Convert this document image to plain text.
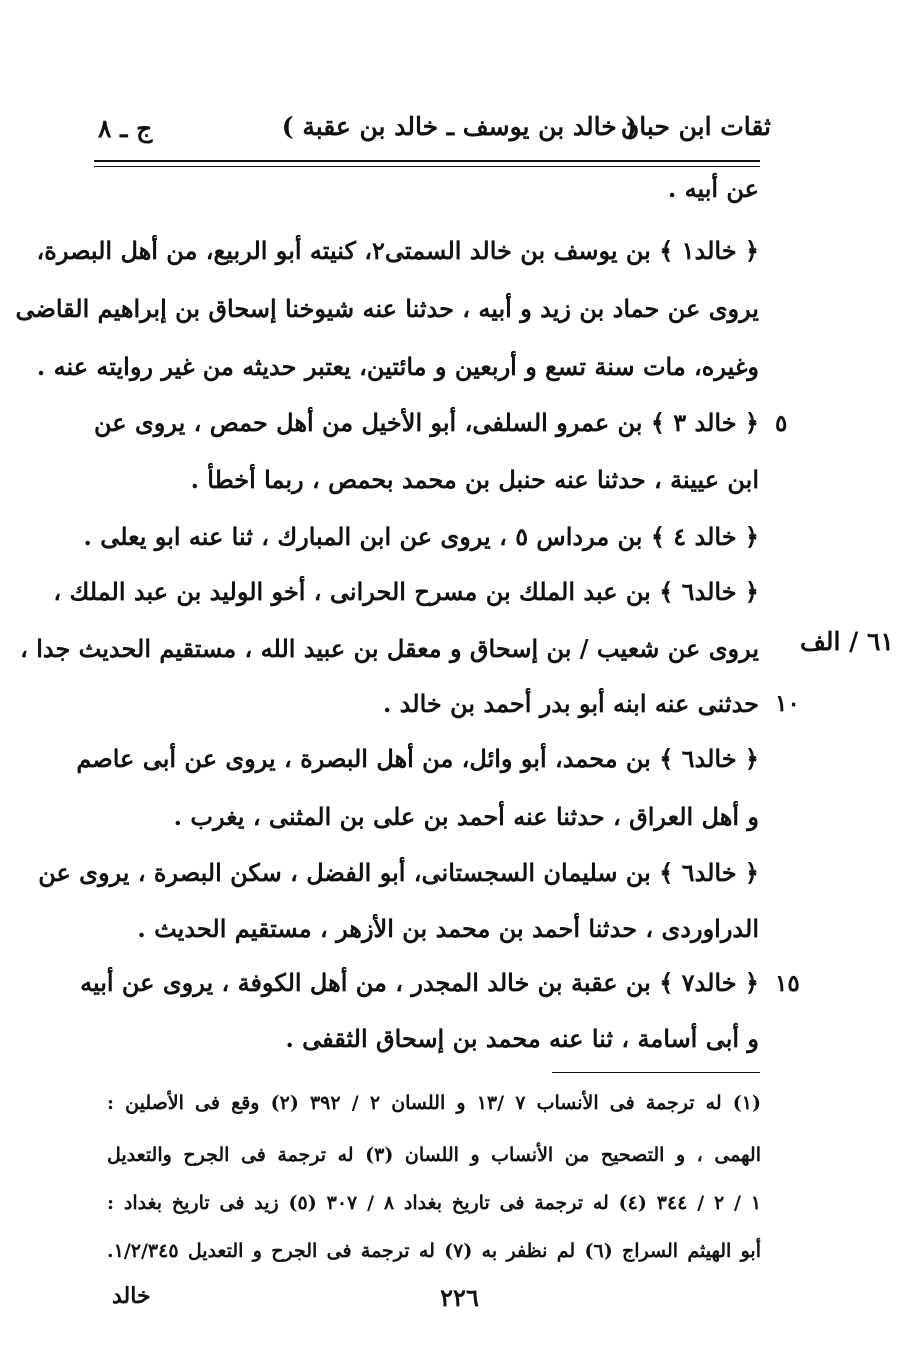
ثقات ابن حبان
( خالد بن يوسف ـ خالد بن عقبة )
ج ـ ٨
عن أبيه .
﴿ خالد١ ﴾ بن يوسف بن خالد السمتى٢، كنيته أبو الربيع، من أهل البصرة،
يروى عن حماد بن زيد و أبيه ، حدثنا عنه شيوخنا إسحاق بن إبراهيم القاضى
وغيره، مات سنة تسع و أربعين و مائتين، يعتبر حديثه من غير روايته عنه .
﴿ خالد ٣ ﴾ بن عمرو السلفى، أبو الأخيل من أهل حمص ، يروى عن
ابن عيينة ، حدثنا عنه حنبل بن محمد بحمص ، ربما أخطأ .
﴿ خالد ٤ ﴾ بن مرداس ٥ ، يروى عن ابن المبارك ، ثنا عنه ابو يعلى .
﴿ خالد٦ ﴾ بن عبد الملك بن مسرح الحرانى ، أخو الوليد بن عبد الملك ،
يروى عن شعيب / بن إسحاق و معقل بن عبيد الله ، مستقيم الحديث جدا ،
حدثنى عنه ابنه أبو بدر أحمد بن خالد .
﴿ خالد٦ ﴾ بن محمد، أبو وائل، من أهل البصرة ، يروى عن أبى عاصم
و أهل العراق ، حدثنا عنه أحمد بن على بن المثنى ، يغرب .
﴿ خالد٦ ﴾ بن سليمان السجستانى، أبو الفضل ، سكن البصرة ، يروى عن
الدراوردى ، حدثنا أحمد بن محمد بن الأزهر ، مستقيم الحديث .
﴿ خالد٧ ﴾ بن عقبة بن خالد المجدر ، من أهل الكوفة ، يروى عن أبيه
و أبى أسامة ، ثنا عنه محمد بن إسحاق الثقفى .
٥
١٠
١٥
٦١ / الف
(١) له ترجمة فى الأنساب ٧ /١٣ و اللسان ٢ / ٣٩٢ (٢) وقع فى الأصلين :
الهمى ، و التصحيح من الأنساب و اللسان (٣) له ترجمة فى الجرح والتعديل
١ / ٢ / ٣٤٤ (٤) له ترجمة فى تاريخ بغداد ٨ / ٣٠٧ (٥) زيد فى تاريخ بغداد :
أبو الهيثم السراج (٦) لم نظفر به (٧) له ترجمة فى الجرح و التعديل ١/٢/٣٤٥.
٢٢٦
خالد
